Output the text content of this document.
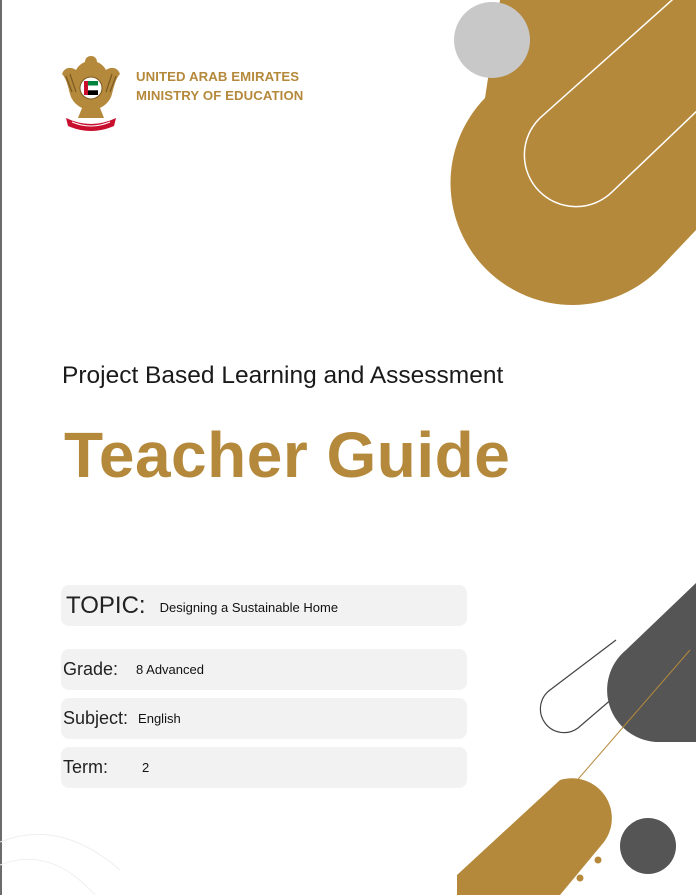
UNITED ARAB EMIRATES
MINISTRY OF EDUCATION
Project Based Learning and Assessment
Teacher Guide
TOPIC: Designing a Sustainable Home
Grade: 8 Advanced
Subject: English
Term:	2
